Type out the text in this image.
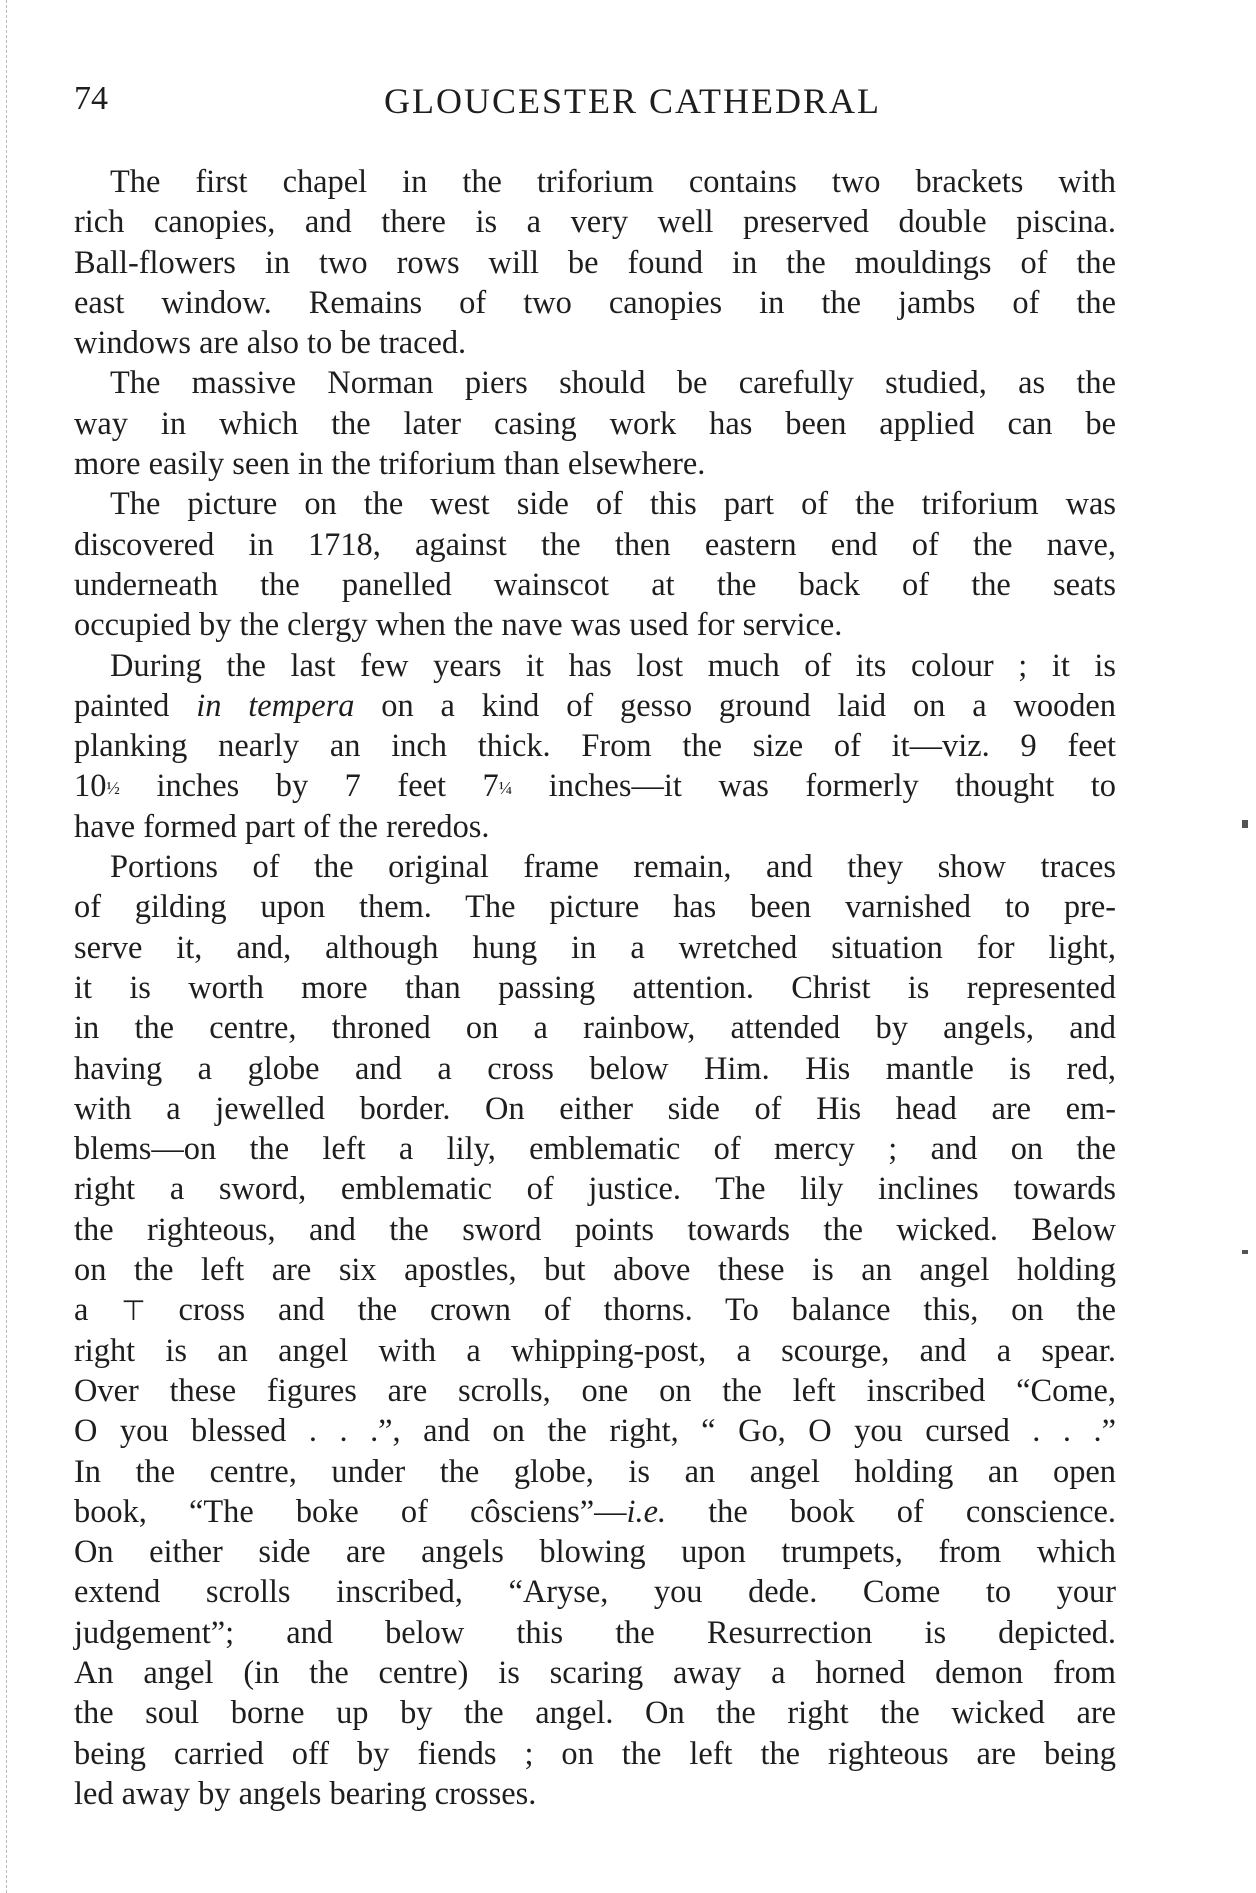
74	GLOUCESTER CATHEDRAL

The first chapel in the triforium contains two brackets with
rich canopies, and there is a very well preserved double piscina.
Ball-flowers in two rows will be found in the mouldings of the
east window. Remains of two canopies in the jambs of the
windows are also to be traced.

The massive Norman piers should be carefully studied, as the
way in which the later casing work has been applied can be
more easily seen in the triforium than elsewhere.

The picture on the west side of this part of the triforium was
discovered in 1718, against the then eastern end of the nave,
underneath the panelled wainscot at the back of the seats
occupied by the clergy when the nave was used for service.

During the last few years it has lost much of its colour ; it is
painted in tempera on a kind of gesso ground laid on a wooden
planking nearly an inch thick. From the size of it—viz. 9 feet
10½ inches by 7 feet 7¼ inches—it was formerly thought to
have formed part of the reredos.

Portions of the original frame remain, and they show traces
of gilding upon them. The picture has been varnished to pre-
serve it, and, although hung in a wretched situation for light,
it is worth more than passing attention. Christ is represented
in the centre, throned on a rainbow, attended by angels, and
having a globe and a cross below Him. His mantle is red,
with a jewelled border. On either side of His head are em-
blems—on the left a lily, emblematic of mercy ; and on the
right a sword, emblematic of justice. The lily inclines towards
the righteous, and the sword points towards the wicked. Below
on the left are six apostles, but above these is an angel holding
a ⊤ cross and the crown of thorns. To balance this, on the
right is an angel with a whipping-post, a scourge, and a spear.
Over these figures are scrolls, one on the left inscribed “Come,
O you blessed . . .”, and on the right, “ Go, O you cursed . . .”
In the centre, under the globe, is an angel holding an open
book, “The boke of côsciens”—i.e. the book of conscience.
On either side are angels blowing upon trumpets, from which
extend scrolls inscribed, “Aryse, you dede. Come to your
judgement”; and below this the Resurrection is depicted.
An angel (in the centre) is scaring away a horned demon from
the soul borne up by the angel. On the right the wicked are
being carried off by fiends ; on the left the righteous are being
led away by angels bearing crosses.
